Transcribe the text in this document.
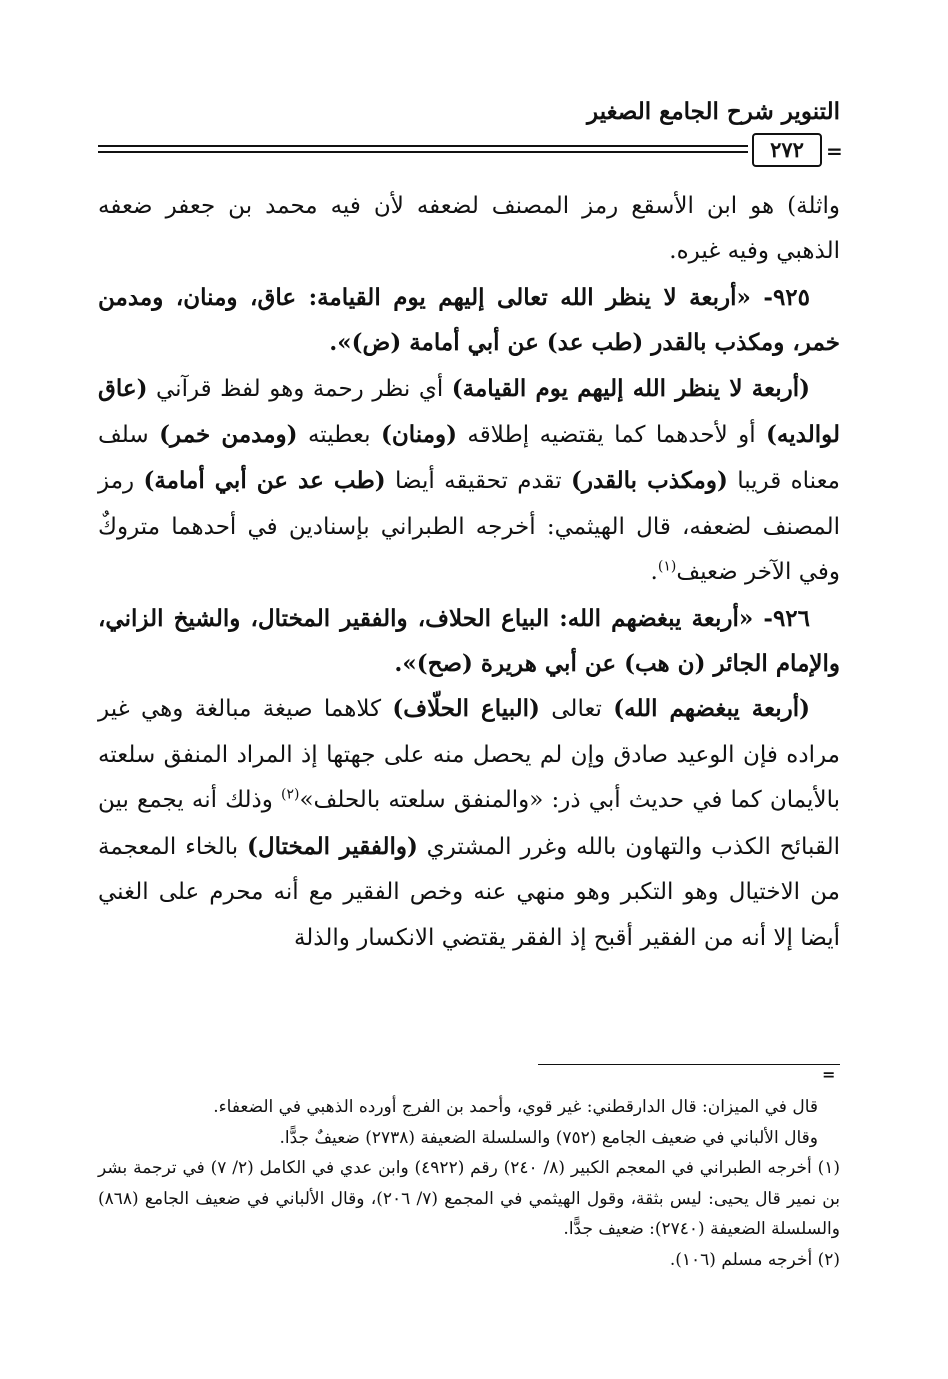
التنوير شرح الجامع الصغير
٢٧٢	=

واثلة) هو ابن الأسقع رمز المصنف لضعفه لأن فيه محمد بن جعفر ضعفه الذهبي وفيه غيره.

٩٢٥- «أربعة لا ينظر الله تعالى إليهم يوم القيامة: عاق، ومنان، ومدمن خمر، ومكذب بالقدر (طب عد) عن أبي أمامة (ض)».

(أربعة لا ينظر الله إليهم يوم القيامة) أي نظر رحمة وهو لفظ قرآني (عاق لوالديه) أو لأحدهما كما يقتضيه إطلاقه (ومنان) بعطيته (ومدمن خمر) سلف معناه قريبا (ومكذب بالقدر) تقدم تحقيقه أيضا (طب عد عن أبي أمامة) رمز المصنف لضعفه، قال الهيثمي: أخرجه الطبراني بإسنادين في أحدهما متروكٌ وفي الآخر ضعيف$^{(١)}$.

٩٢٦- «أربعة يبغضهم الله: البياع الحلاف، والفقير المختال، والشيخ الزاني، والإمام الجائر (ن هب) عن أبي هريرة (صح)».

(أربعة يبغضهم الله) تعالى (البياع الحلّاف) كلاهما صيغة مبالغة وهي غير مراده فإن الوعيد صادق وإن لم يحصل منه على جهتها إذ المراد المنفق سلعته بالأيمان كما في حديث أبي ذر: «والمنفق سلعته بالحلف»$^{(٢)}$ وذلك أنه يجمع بين القبائح الكذب والتهاون بالله وغرر المشتري (والفقير المختال) بالخاء المعجمة من الاختيال وهو التكبر وهو منهي عنه وخص الفقير مع أنه محرم على الغني أيضا إلا أنه من الفقير أقبح إذ الفقر يقتضي الانكسار والذلة

=

قال في الميزان: قال الدارقطني: غير قوي، وأحمد بن الفرج أورده الذهبي في الضعفاء.

وقال الألباني في ضعيف الجامع (٧٥٢) والسلسلة الضعيفة (٢٧٣٨) ضعيفٌ جدًّا.

(١) أخرجه الطبراني في المعجم الكبير (٨/ ٢٤٠) رقم (٤٩٢٢) وابن عدي في الكامل (٢/ ٧) في ترجمة بشر بن نمير قال يحيى: ليس بثقة، وقول الهيثمي في المجمع (٧/ ٢٠٦)، وقال الألباني في ضعيف الجامع (٨٦٨) والسلسلة الضعيفة (٢٧٤٠): ضعيف جدًّا.

(٢) أخرجه مسلم (١٠٦).
